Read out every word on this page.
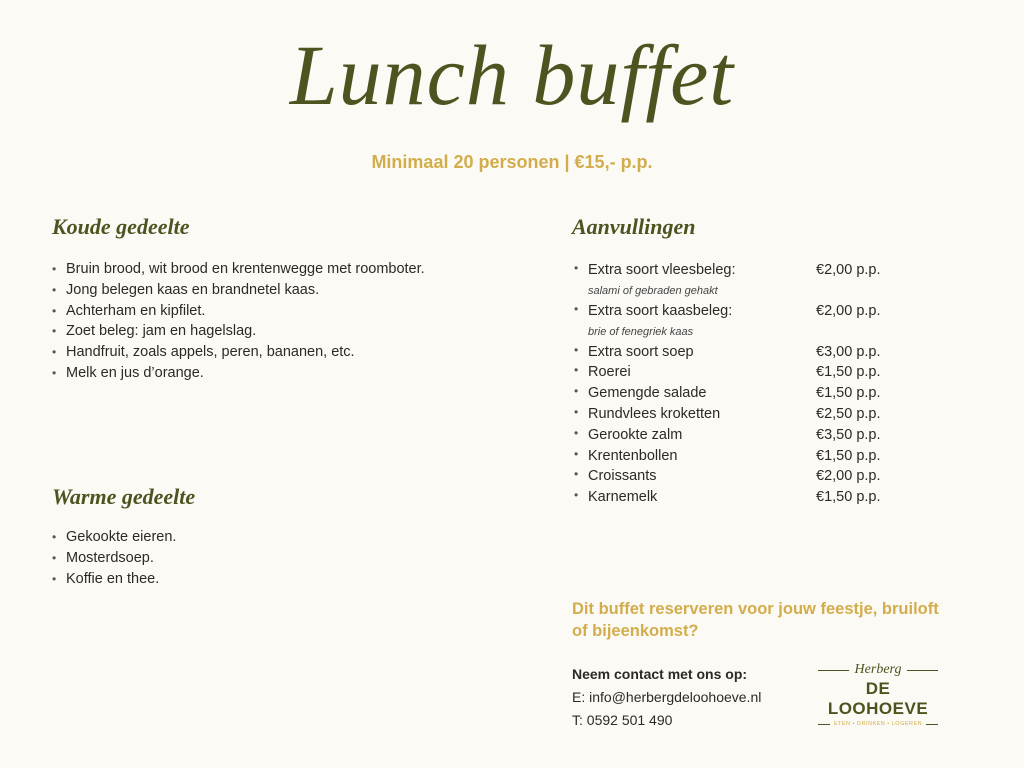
Lunch buffet
Minimaal 20 personen | €15,- p.p.
Koude gedeelte
• Bruin brood, wit brood en krentenwegge met roomboter.
• Jong belegen kaas en brandnetel kaas.
• Achterham en kipfilet.
• Zoet beleg: jam en hagelslag.
• Handfruit, zoals appels, peren, bananen, etc.
• Melk en jus d’orange.
Warme gedeelte
• Gekookte eieren.
• Mosterdsoep.
• Koffie en thee.
Aanvullingen
• Extra soort vleesbeleg:	€2,00 p.p.
salami of gebraden gehakt
• Extra soort kaasbeleg:	€2,00 p.p.
brie of fenegriek kaas
• Extra soort soep	€3,00 p.p.
• Roerei	€1,50 p.p.
• Gemengde salade	€1,50 p.p.
• Rundvlees kroketten	€2,50 p.p.
• Gerookte zalm	€3,50 p.p.
• Krentenbollen	€1,50 p.p.
• Croissants	€2,00 p.p.
• Karnemelk	€1,50 p.p.
Dit buffet reserveren voor jouw feestje, bruiloft of bijeenkomst?
Neem contact met ons op:
E: info@herbergdeloohoeve.nl
T: 0592 501 490
Herberg
DE LOOHOEVE
ETEN • DRINKEN • LOGEREN
